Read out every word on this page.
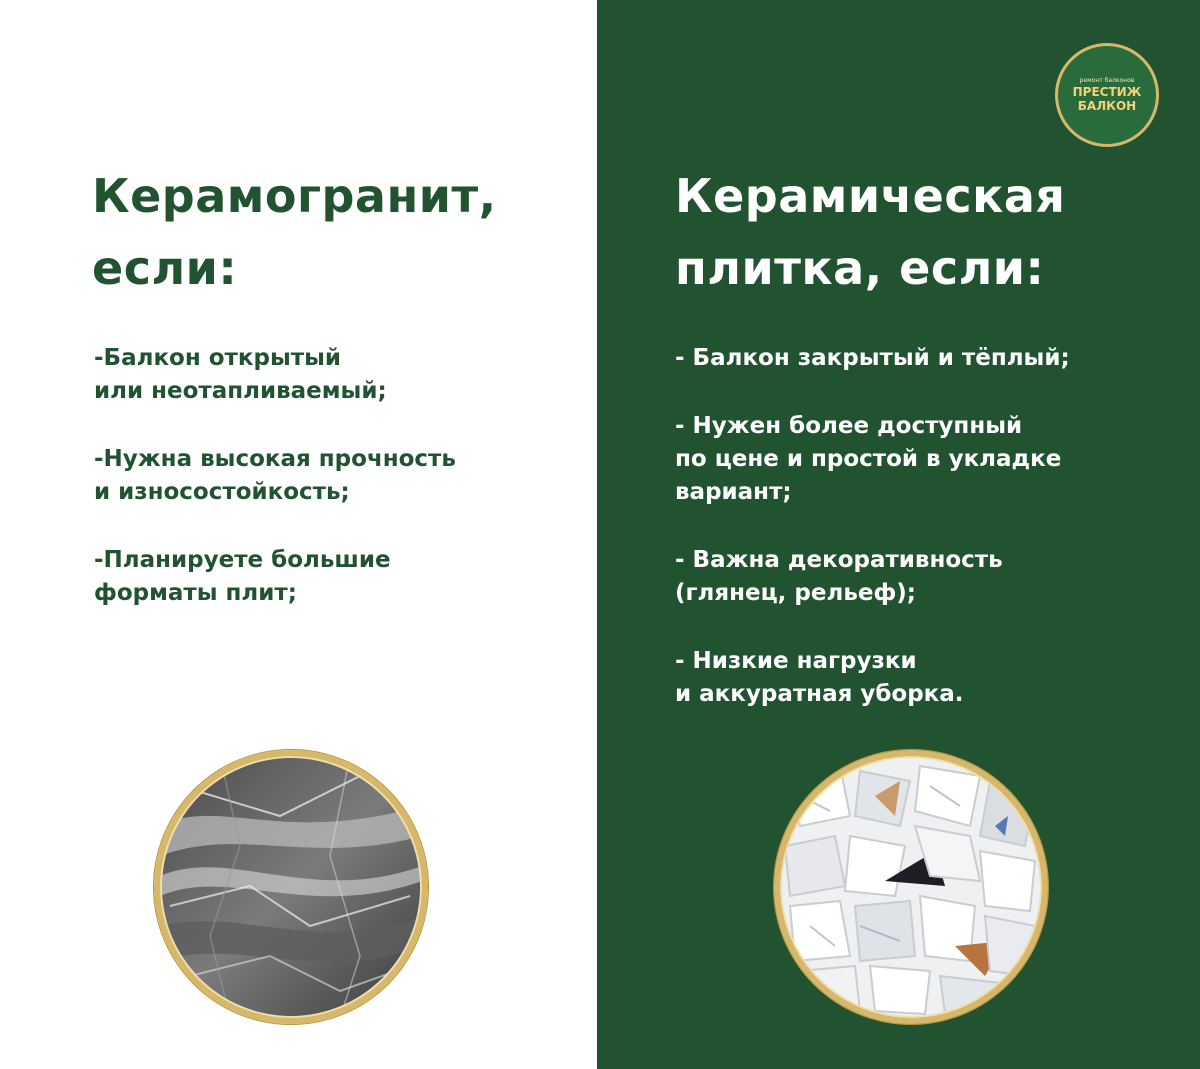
Керамогранит,
если:
-Балкон открытый
или неотапливаемый;
-Нужна высокая прочность
и износостойкость;
-Планируете большие
форматы плит;
Керамическая
плитка, если:
- Балкон закрытый и тёплый;
- Нужен более доступный
по цене и простой в укладке
вариант;
- Важна декоративность
(глянец, рельеф);
- Низкие нагрузки
и аккуратная уборка.
ремонт балконов
ПРЕСТИЖ
БАЛКОН
